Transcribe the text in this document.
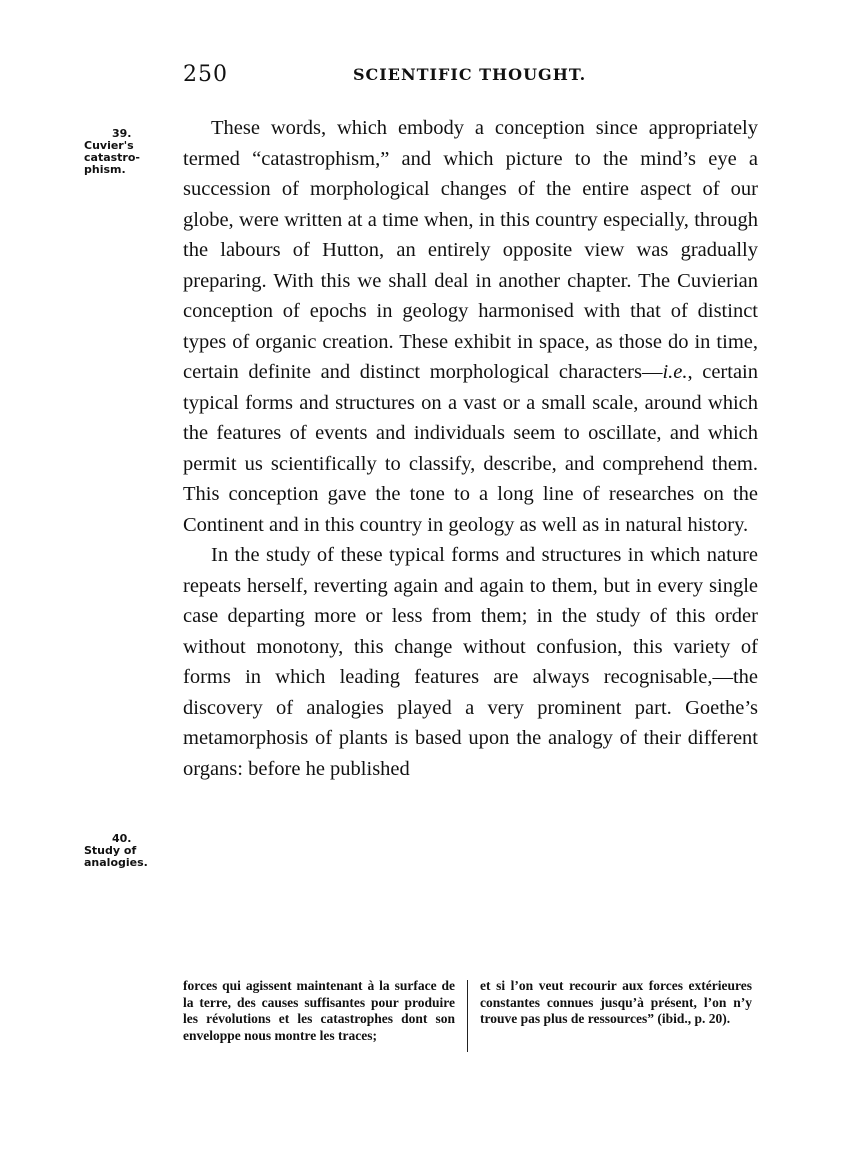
250	SCIENTIFIC THOUGHT.
39.
Cuvier's
catastro-
phism.
40.
Study of
analogies.

These words, which embody a conception since appropriately termed “catastrophism,” and which picture to the mind’s eye a succession of morphological changes of the entire aspect of our globe, were written at a time when, in this country especially, through the labours of Hutton, an entirely opposite view was gradually preparing. With this we shall deal in another chapter. The Cuvierian conception of epochs in geology harmonised with that of distinct types of organic creation. These exhibit in space, as those do in time, certain definite and distinct morphological characters—i.e., certain typical forms and structures on a vast or a small scale, around which the features of events and individuals seem to oscillate, and which permit us scientifically to classify, describe, and comprehend them. This conception gave the tone to a long line of researches on the Continent and in this country in geology as well as in natural history.

In the study of these typical forms and structures in which nature repeats herself, reverting again and again to them, but in every single case departing more or less from them; in the study of this order without monotony, this change without confusion, this variety of forms in which leading features are always recognisable,—the discovery of analogies played a very prominent part. Goethe’s metamorphosis of plants is based upon the analogy of their different organs: before he published

forces qui agissent maintenant à la surface de la terre, des causes suffisantes pour produire les révolutions et les catastrophes dont son enveloppe nous montre les traces;
et si l’on veut recourir aux forces extérieures constantes connues jusqu’à présent, l’on n’y trouve pas plus de ressources” (ibid., p. 20).
